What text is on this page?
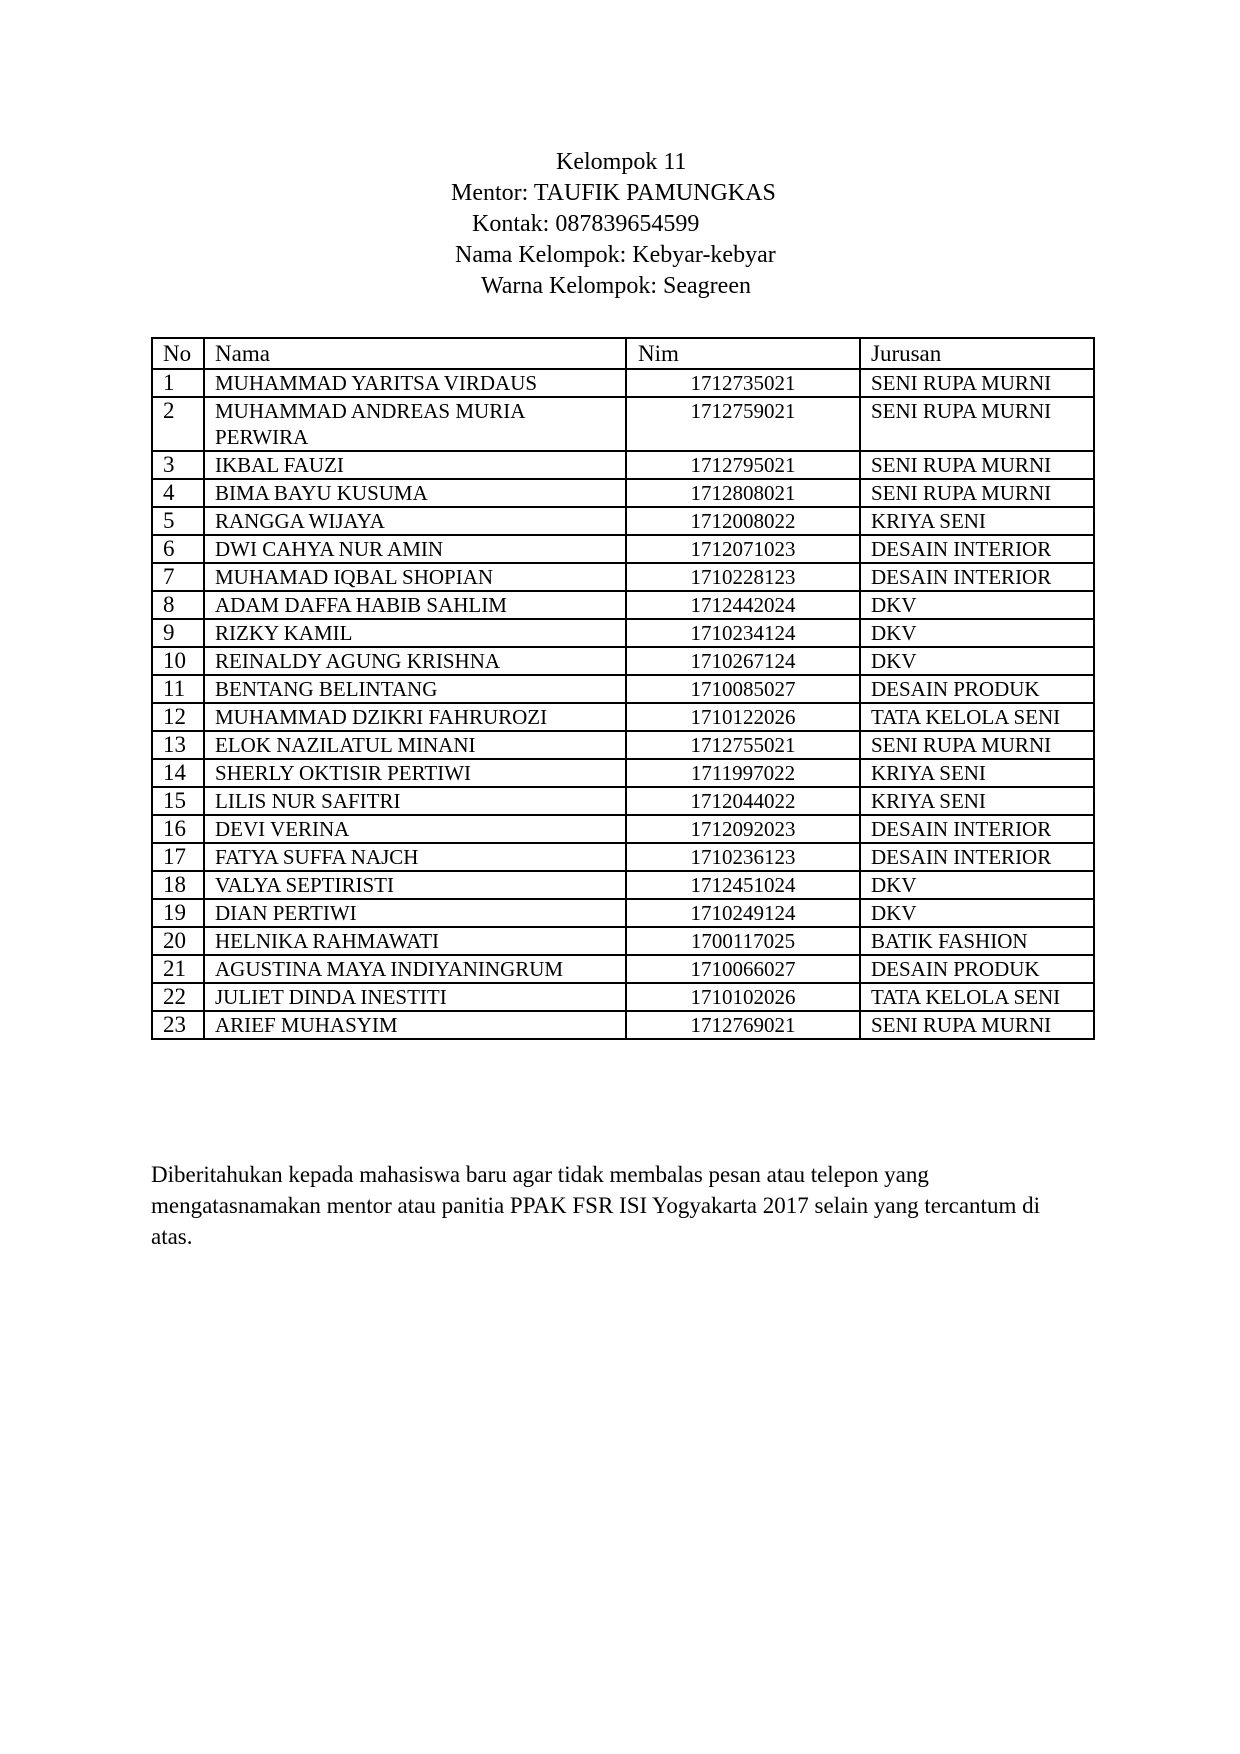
Kelompok 11
Mentor: TAUFIK PAMUNGKAS
Kontak: 087839654599
Nama Kelompok: Kebyar-kebyar
Warna Kelompok: Seagreen
No	Nama	Nim	Jurusan
1	MUHAMMAD YARITSA VIRDAUS	1712735021	SENI RUPA MURNI
2	MUHAMMAD ANDREAS MURIA PERWIRA	1712759021	SENI RUPA MURNI
3	IKBAL FAUZI	1712795021	SENI RUPA MURNI
4	BIMA BAYU KUSUMA	1712808021	SENI RUPA MURNI
5	RANGGA WIJAYA	1712008022	KRIYA SENI
6	DWI CAHYA NUR AMIN	1712071023	DESAIN INTERIOR
7	MUHAMAD IQBAL SHOPIAN	1710228123	DESAIN INTERIOR
8	ADAM DAFFA HABIB SAHLIM	1712442024	DKV
9	RIZKY KAMIL	1710234124	DKV
10	REINALDY AGUNG KRISHNA	1710267124	DKV
11	BENTANG BELINTANG	1710085027	DESAIN PRODUK
12	MUHAMMAD DZIKRI FAHRUROZI	1710122026	TATA KELOLA SENI
13	ELOK NAZILATUL MINANI	1712755021	SENI RUPA MURNI
14	SHERLY OKTISIR PERTIWI	1711997022	KRIYA SENI
15	LILIS NUR SAFITRI	1712044022	KRIYA SENI
16	DEVI VERINA	1712092023	DESAIN INTERIOR
17	FATYA SUFFA NAJCH	1710236123	DESAIN INTERIOR
18	VALYA SEPTIRISTI	1712451024	DKV
19	DIAN PERTIWI	1710249124	DKV
20	HELNIKA RAHMAWATI	1700117025	BATIK FASHION
21	AGUSTINA MAYA INDIYANINGRUM	1710066027	DESAIN PRODUK
22	JULIET DINDA INESTITI	1710102026	TATA KELOLA SENI
23	ARIEF MUHASYIM	1712769021	SENI RUPA MURNI
Diberitahukan kepada mahasiswa baru agar tidak membalas pesan atau telepon yang mengatasnamakan mentor atau panitia PPAK FSR ISI Yogyakarta 2017 selain yang tercantum di atas.
